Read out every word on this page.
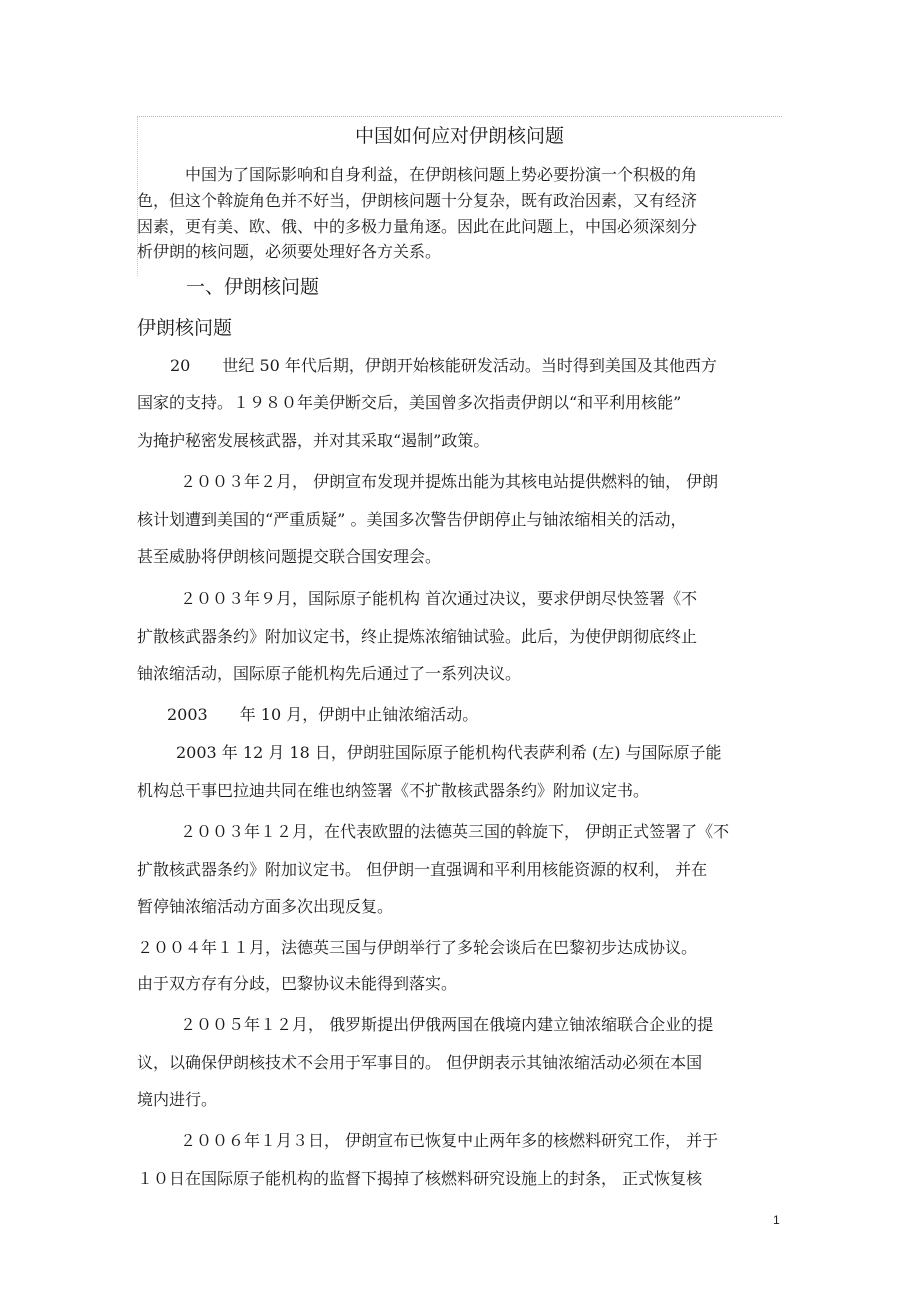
中国如何应对伊朗核问题
中国为了国际影响和自身利益，在伊朗核问题上势必要扮演一个积极的角
色，但这个斡旋角色并不好当，伊朗核问题十分复杂，既有政治因素，又有经济
因素，更有美、欧、俄、中的多极力量角逐。因此在此问题上，中国必须深刻分
析伊朗的核问题，必须要处理好各方关系。
一、伊朗核问题
伊朗核问题
20　　世纪 50 年代后期，伊朗开始核能研发活动。当时得到美国及其他西方
国家的支持。１９８０年美伊断交后，美国曾多次指责伊朗以“和平利用核能”
为掩护秘密发展核武器，并对其采取“遏制”政策。
２００３年２月， 伊朗宣布发现并提炼出能为其核电站提供燃料的铀， 伊朗
核计划遭到美国的“严重质疑” 。美国多次警告伊朗停止与铀浓缩相关的活动，
甚至威胁将伊朗核问题提交联合国安理会。
２００３年９月，国际原子能机构 首次通过决议，要求伊朗尽快签署《不
扩散核武器条约》附加议定书，终止提炼浓缩铀试验。此后，为使伊朗彻底终止
铀浓缩活动，国际原子能机构先后通过了一系列决议。
2003　　年 10 月，伊朗中止铀浓缩活动。
2003 年 12 月 18 日，伊朗驻国际原子能机构代表萨利希 (左) 与国际原子能
机构总干事巴拉迪共同在维也纳签署《不扩散核武器条约》附加议定书。
２００３年１２月，在代表欧盟的法德英三国的斡旋下， 伊朗正式签署了《不
扩散核武器条约》附加议定书。 但伊朗一直强调和平利用核能资源的权利， 并在
暂停铀浓缩活动方面多次出现反复。
２００４年１１月，法德英三国与伊朗举行了多轮会谈后在巴黎初步达成协议。
由于双方存有分歧，巴黎协议未能得到落实。
２００５年１２月， 俄罗斯提出伊俄两国在俄境内建立铀浓缩联合企业的提
议，以确保伊朗核技术不会用于军事目的。 但伊朗表示其铀浓缩活动必须在本国
境内进行。
２００６年１月３日， 伊朗宣布已恢复中止两年多的核燃料研究工作， 并于
１０日在国际原子能机构的监督下揭掉了核燃料研究设施上的封条， 正式恢复核
1
